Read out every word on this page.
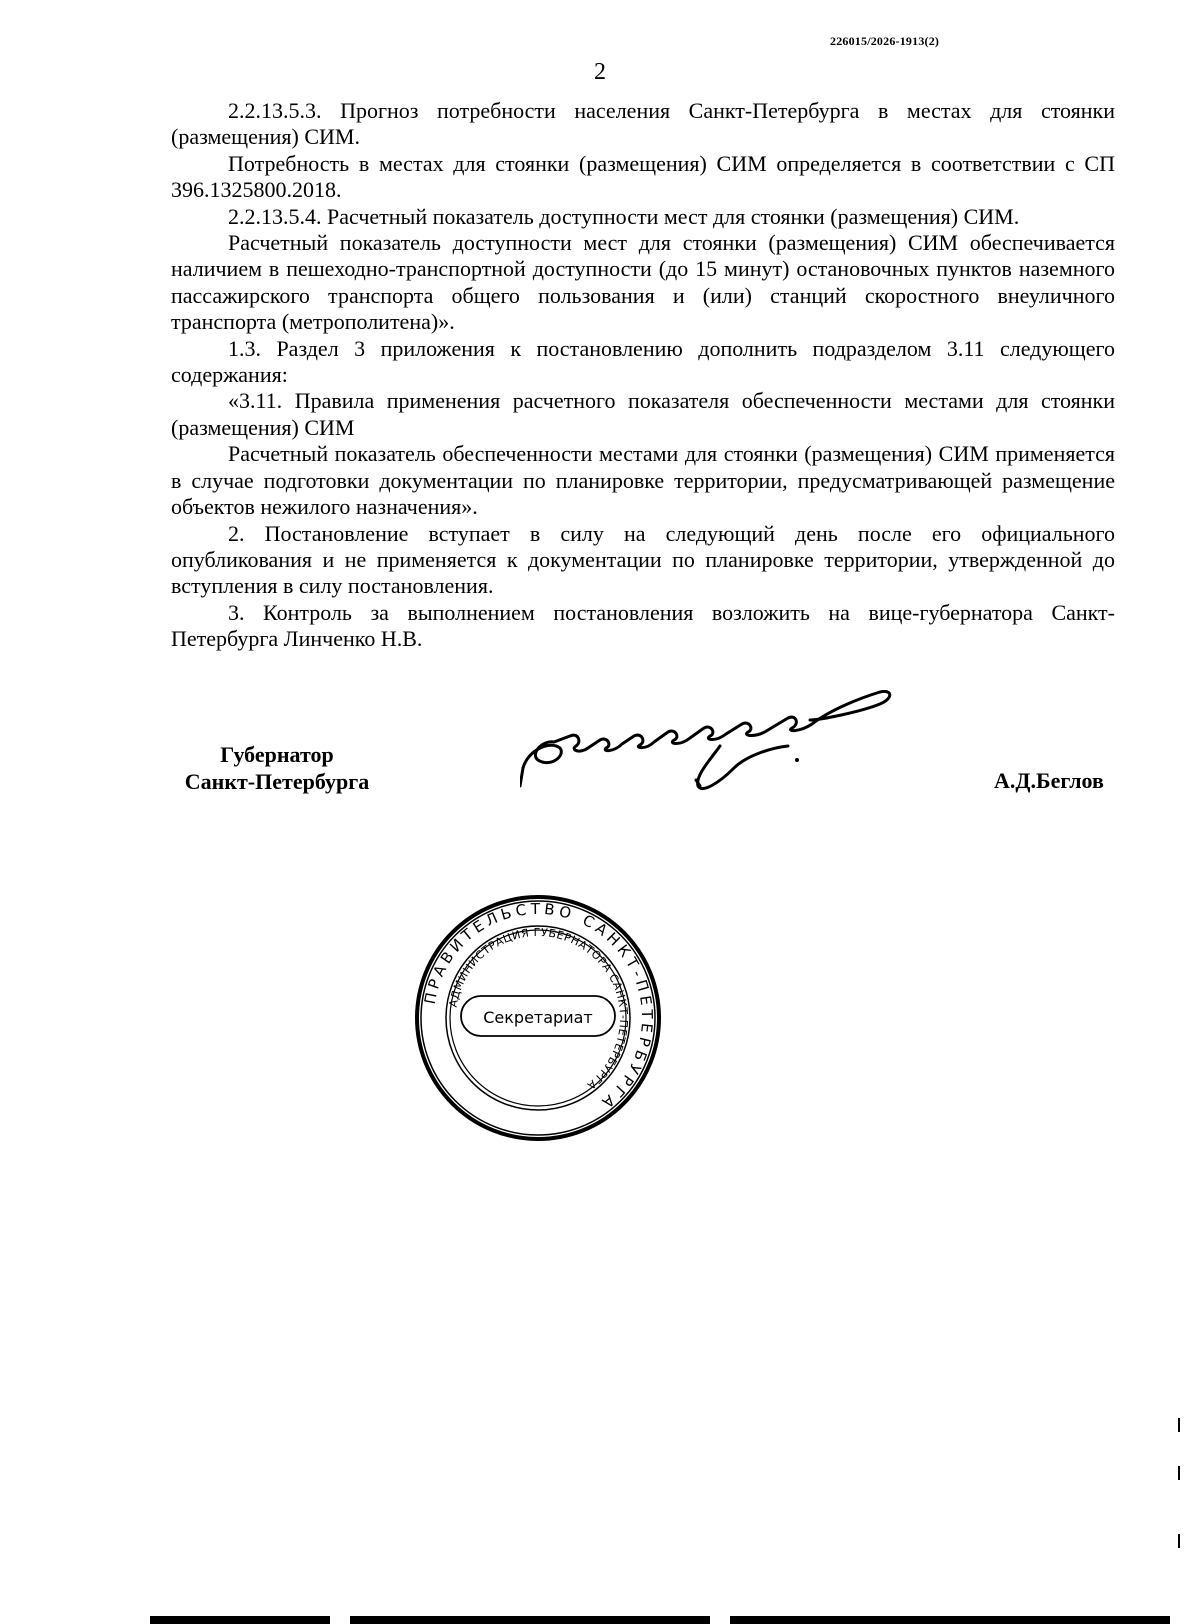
226015/2026-1913(2)
2

2.2.13.5.3. Прогноз потребности населения Санкт-Петербурга в местах для стоянки (размещения) СИМ.

Потребность в местах для стоянки (размещения) СИМ определяется в соответствии с СП 396.1325800.2018.

2.2.13.5.4. Расчетный показатель доступности мест для стоянки (размещения) СИМ.

Расчетный показатель доступности мест для стоянки (размещения) СИМ обеспечивается наличием в пешеходно-транспортной доступности (до 15 минут) остановочных пунктов наземного пассажирского транспорта общего пользования и (или) станций скоростного внеуличного транспорта (метрополитена)».

1.3. Раздел 3 приложения к постановлению дополнить подразделом 3.11 следующего содержания:

«3.11. Правила применения расчетного показателя обеспеченности местами для стоянки (размещения) СИМ

Расчетный показатель обеспеченности местами для стоянки (размещения) СИМ применяется в случае подготовки документации по планировке территории, предусматривающей размещение объектов нежилого назначения».

2. Постановление вступает в силу на следующий день после его официального опубликования и не применяется к документации по планировке территории, утвержденной до вступления в силу постановления.

3. Контроль за выполнением постановления возложить на вице-губернатора Санкт-Петербурга Линченко Н.В.

Губернатор
Санкт-Петербурга	А.Д.Беглов
ПРАВИТЕЛЬСТВО САНКТ-ПЕТЕРБУРГА
АДМИНИСТРАЦИЯ ГУБЕРНАТОРА САНКТ-ПЕТЕРБУРГА
Секретариат
